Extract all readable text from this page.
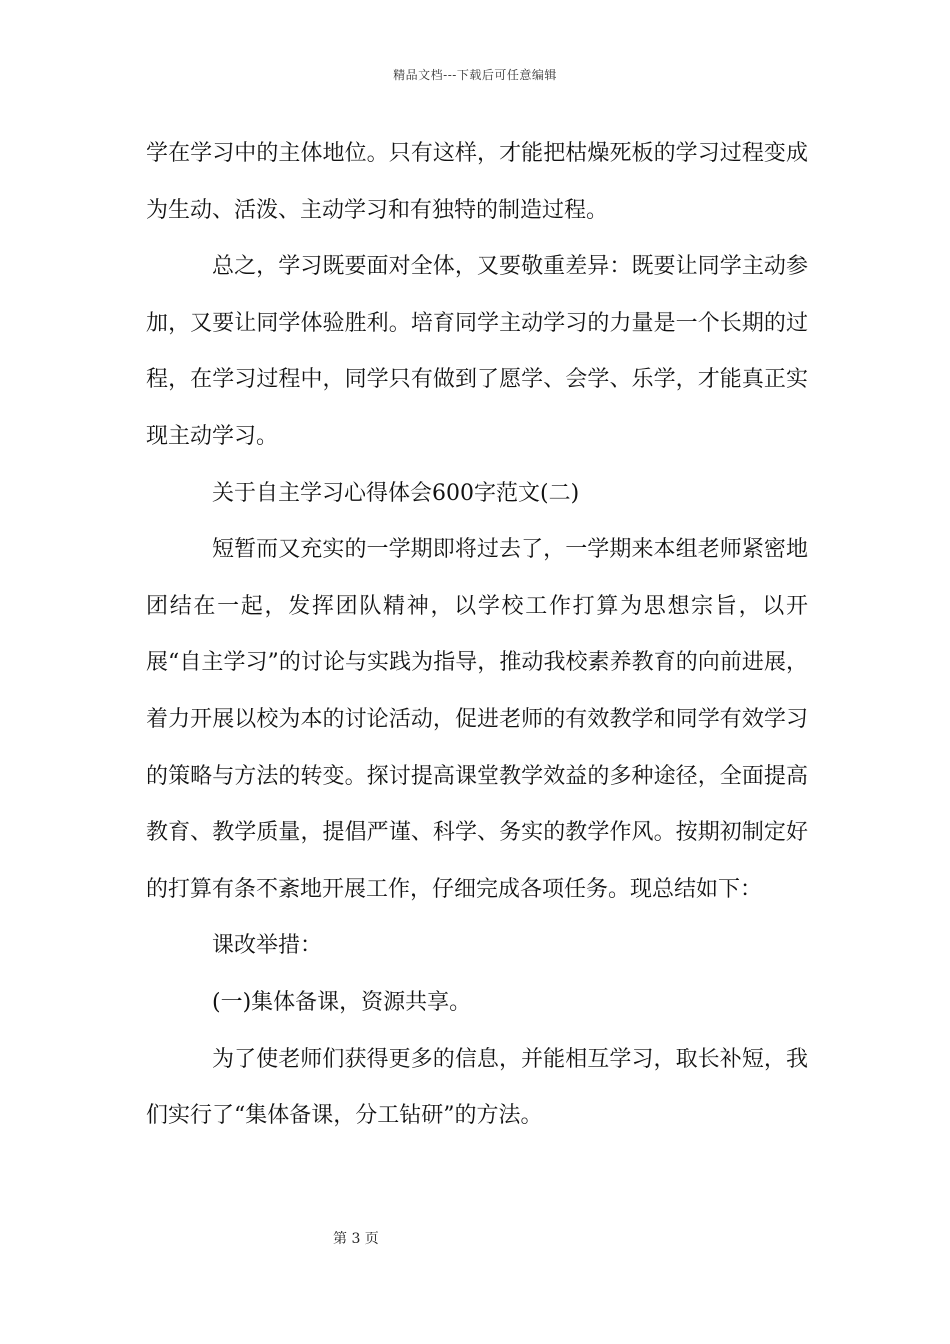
精品文档---下载后可任意编辑

学在学习中的主体地位。只有这样，才能把枯燥死板的学习过程变成为生动、活泼、主动学习和有独特的制造过程。

总之，学习既要面对全体，又要敬重差异：既要让同学主动参加，又要让同学体验胜利。培育同学主动学习的力量是一个长期的过程，在学习过程中，同学只有做到了愿学、会学、乐学，才能真正实现主动学习。

关于自主学习心得体会600字范文(二)

短暂而又充实的一学期即将过去了，一学期来本组老师紧密地团结在一起，发挥团队精神，以学校工作打算为思想宗旨，以开展“自主学习”的讨论与实践为指导，推动我校素养教育的向前进展，着力开展以校为本的讨论活动，促进老师的有效教学和同学有效学习的策略与方法的转变。探讨提高课堂教学效益的多种途径，全面提高教育、教学质量，提倡严谨、科学、务实的教学作风。按期初制定好的打算有条不紊地开展工作，仔细完成各项任务。现总结如下：

课改举措：

(一)集体备课，资源共享。

为了使老师们获得更多的信息，并能相互学习，取长补短，我们实行了“集体备课，分工钻研”的方法。

第 3 页
